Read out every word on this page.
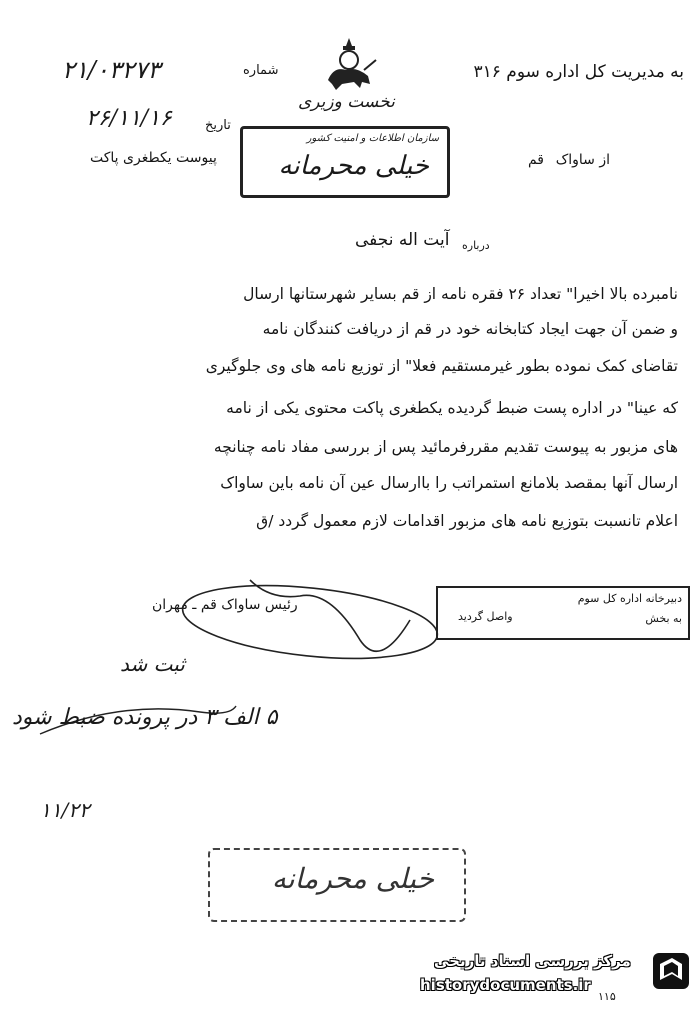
به مدیریت کل اداره سوم ۳۱۶
شماره
۲۱/۰۳۲۷۳
تاریخ
۲۶/۱۱/۱۶
نخست وزیری
از ساواک
قم
پیوست یکطغری پاکت
سازمان اطلاعات و امنیت کشور
خیلی محرمانه
درباره
آیت اله نجفی
نامبرده بالا اخیرا" تعداد ۲۶ فقره نامه از قم بسایر شهرستانها ارسال
و ضمن آن جهت ایجاد کتابخانه خود در قم از دریافت کنندگان نامه
تقاضای کمک نموده بطور غیرمستقیم فعلا" از توزیع نامه های وی جلوگیری
که عینا" در اداره پست ضبط گردیده یکطغری پاکت محتوی یکی از نامه
های مزبور به پیوست تقدیم مقررفرمائید پس از بررسی مفاد نامه چنانچه
ارسال آنها بمقصد بلامانع استمراتب را باارسال عین آن نامه باین ساواک
اعلام تانسبت بتوزیع نامه های مزبور اقدامات لازم معمول گردد /ق
رئیس ساواک قم ـ مهران	دبیرخانه اداره کل سوم
به بخش
واصل گردید
ثبت شد
۵ الف ۳ در پرونده ضبط شود
۱۱/۲۲
خیلی محرمانه
مرکز بررسی اسناد تاریخی
historydocuments.ir
۱۱۵
